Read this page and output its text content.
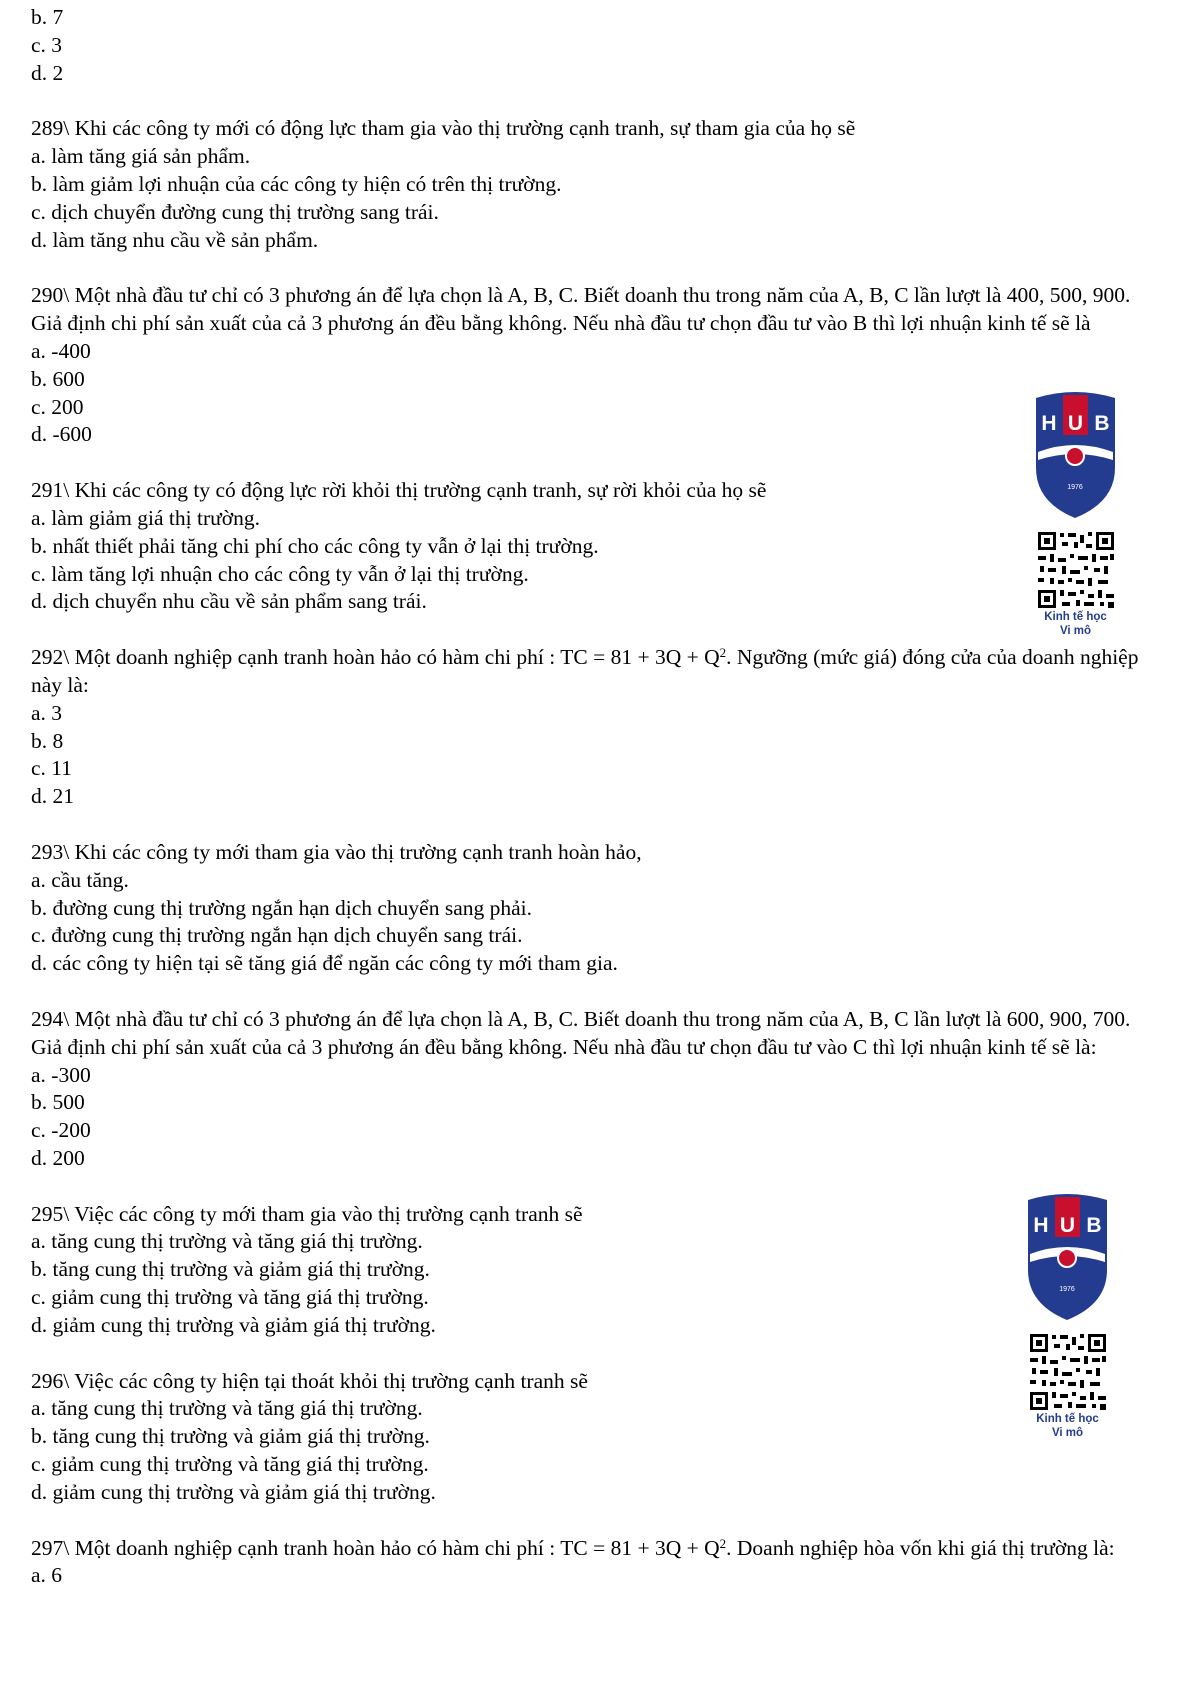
b. 7

c. 3

d. 2

289\ Khi các công ty mới có động lực tham gia vào thị trường cạnh tranh, sự tham gia của họ sẽ

a. làm tăng giá sản phẩm.

b. làm giảm lợi nhuận của các công ty hiện có trên thị trường.

c. dịch chuyển đường cung thị trường sang trái.

d. làm tăng nhu cầu về sản phẩm.

290\ Một nhà đầu tư chỉ có 3 phương án để lựa chọn là A, B, C. Biết doanh thu trong năm của A, B, C lần lượt là 400, 500, 900. Giả định chi phí sản xuất của cả 3 phương án đều bằng không. Nếu nhà đầu tư chọn đầu tư vào B thì lợi nhuận kinh tế sẽ là

a. -400

b. 600

c. 200

d. -600

291\ Khi các công ty có động lực rời khỏi thị trường cạnh tranh, sự rời khỏi của họ sẽ

a. làm giảm giá thị trường.

b. nhất thiết phải tăng chi phí cho các công ty vẫn ở lại thị trường.

c. làm tăng lợi nhuận cho các công ty vẫn ở lại thị trường.

d. dịch chuyển nhu cầu về sản phẩm sang trái.

292\ Một doanh nghiệp cạnh tranh hoàn hảo có hàm chi phí : TC = $81 + 3Q + Q^2$. Ngưỡng (mức giá) đóng cửa của doanh nghiệp này là:

a. 3

b. 8

c. 11

d. 21

293\ Khi các công ty mới tham gia vào thị trường cạnh tranh hoàn hảo,

a. cầu tăng.

b. đường cung thị trường ngắn hạn dịch chuyển sang phải.

c. đường cung thị trường ngắn hạn dịch chuyển sang trái.

d. các công ty hiện tại sẽ tăng giá để ngăn các công ty mới tham gia.

294\ Một nhà đầu tư chỉ có 3 phương án để lựa chọn là A, B, C. Biết doanh thu trong năm của A, B, C lần lượt là 600, 900, 700. Giả định chi phí sản xuất của cả 3 phương án đều bằng không. Nếu nhà đầu tư chọn đầu tư vào C thì lợi nhuận kinh tế sẽ là:

a. -300

b. 500

c. -200

d. 200

295\ Việc các công ty mới tham gia vào thị trường cạnh tranh sẽ

a. tăng cung thị trường và tăng giá thị trường.

b. tăng cung thị trường và giảm giá thị trường.

c. giảm cung thị trường và tăng giá thị trường.

d. giảm cung thị trường và giảm giá thị trường.

296\ Việc các công ty hiện tại thoát khỏi thị trường cạnh tranh sẽ

a. tăng cung thị trường và tăng giá thị trường.

b. tăng cung thị trường và giảm giá thị trường.

c. giảm cung thị trường và tăng giá thị trường.

d. giảm cung thị trường và giảm giá thị trường.

297\ Một doanh nghiệp cạnh tranh hoàn hảo có hàm chi phí : TC = $81 + 3Q + Q^2$. Doanh nghiệp hòa vốn khi giá thị trường là:

a. 6

H U B
1976
Kinh tế học
Vi mô
H U B
1976
Kinh tế học
Vi mô
